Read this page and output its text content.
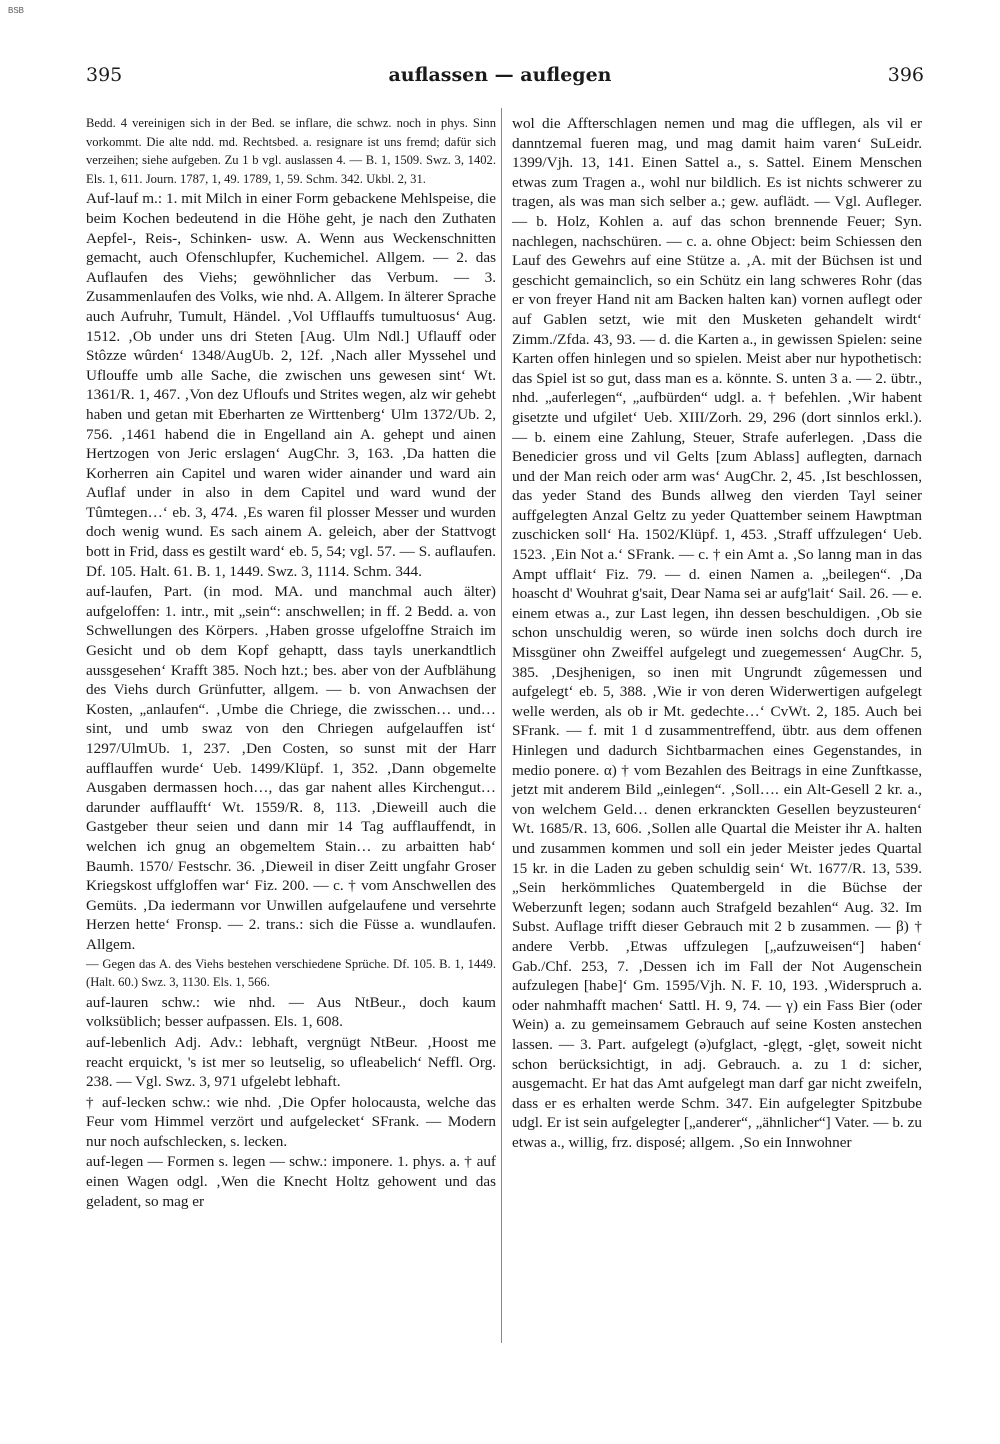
BSB
395	auflassen — auflegen	396

Bedd. 4 vereinigen sich in der Bed. se inflare, die schwz. noch in phys. Sinn vorkommt. Die alte ndd. md. Rechtsbed. a. resignare ist uns fremd; dafür sich verzeihen; siehe aufgeben. Zu 1 b vgl. auslassen 4. — B. 1, 1509. Swz. 3, 1402. Els. 1, 611. Journ. 1787, 1, 49. 1789, 1, 59. Schm. 342. Ukbl. 2, 31.

Auf-lauf m.: 1. mit Milch in einer Form gebackene Mehlspeise, die beim Kochen bedeutend in die Höhe geht, je nach den Zuthaten Aepfel-, Reis-, Schinken- usw. A. Wenn aus Weckenschnitten gemacht, auch Ofenschlupfer, Kuchemichel. Allgem. — 2. das Auflaufen des Viehs; gewöhnlicher das Verbum. — 3. Zusammenlaufen des Volks, wie nhd. A. Allgem. In älterer Sprache auch Aufruhr, Tumult, Händel. ‚Vol Ufflauffs tumultuosus‘ Aug. 1512. ‚Ob under uns dri Steten [Aug. Ulm Ndl.] Uflauff oder Stôzze wûrden‘ 1348/AugUb. 2, 12f. ‚Nach aller Myssehel und Uflouffe umb alle Sache, die zwischen uns gewesen sint‘ Wt. 1361/R. 1, 467. ‚Von dez Ufloufs und Strites wegen, alz wir gehebt haben und getan mit Eberharten ze Wirttenberg‘ Ulm 1372/Ub. 2, 756. ‚1461 habend die in Engelland ain A. gehept und ainen Hertzogen von Jeric erslagen‘ AugChr. 3, 163. ‚Da hatten die Korherren ain Capitel und waren wider ainander und ward ain Auflaf under in also in dem Capitel und ward wund der Tûmtegen…‘ eb. 3, 474. ‚Es waren fil plosser Messer und wurden doch wenig wund. Es sach ainem A. geleich, aber der Stattvogt bott in Frid, dass es gestilt ward‘ eb. 5, 54; vgl. 57. — S. auflaufen. Df. 105. Halt. 61. B. 1, 1449. Swz. 3, 1114. Schm. 344.

auf-laufen, Part. (in mod. MA. und manchmal auch älter) aufgeloffen: 1. intr., mit „sein“: anschwellen; in ff. 2 Bedd. a. von Schwellungen des Körpers. ‚Haben grosse ufgeloffne Straich im Gesicht und ob dem Kopf gehaptt, dass tayls unerkandtlich aussgesehen‘ Krafft 385. Noch hzt.; bes. aber von der Aufblähung des Viehs durch Grünfutter, allgem. — b. von Anwachsen der Kosten, „anlaufen“. ‚Umbe die Chriege, die zwisschen… und… sint, und umb swaz von den Chriegen aufgelauffen ist‘ 1297/UlmUb. 1, 237. ‚Den Costen, so sunst mit der Harr aufflauffen wurde‘ Ueb. 1499/Klüpf. 1, 352. ‚Dann obgemelte Ausgaben dermassen hoch…, das gar nahent alles Kirchengut… darunder aufflaufft‘ Wt. 1559/R. 8, 113. ‚Dieweill auch die Gastgeber theur seien und dann mir 14 Tag aufflauffendt, in welchen ich gnug an obgemeltem Stain… zu arbaitten hab‘ Baumh. 1570/ Festschr. 36. ‚Dieweil in diser Zeitt ungfahr Groser Kriegskost uffgloffen war‘ Fiz. 200. — c. † vom Anschwellen des Gemüts. ‚Da iedermann vor Unwillen aufgelaufene und versehrte Herzen hette‘ Fronsp. — 2. trans.: sich die Füsse a. wundlaufen. Allgem.

— Gegen das A. des Viehs bestehen verschiedene Sprüche. Df. 105. B. 1, 1449. (Halt. 60.) Swz. 3, 1130. Els. 1, 566.

auf-lauren schw.: wie nhd. — Aus NtBeur., doch kaum volksüblich; besser aufpassen. Els. 1, 608.

auf-lebenlich Adj. Adv.: lebhaft, vergnügt NtBeur. ‚Hoost me reacht erquickt, 's ist mer so leutselig, so ufleabelich‘ Neffl. Org. 238. — Vgl. Swz. 3, 971 ufgelebt lebhaft.

† auf-lecken schw.: wie nhd. ‚Die Opfer holocausta, welche das Feur vom Himmel verzört und aufgelecket‘ SFrank. — Modern nur noch aufschlecken, s. lecken.

auf-legen — Formen s. legen — schw.: imponere. 1. phys. a. † auf einen Wagen odgl. ‚Wen die Knecht Holtz gehowent und das geladent, so mag er

wol die Affterschlagen nemen und mag die ufflegen, als vil er danntzemal fueren mag, und mag damit haim varen‘ SuLeidr. 1399/Vjh. 13, 141. Einen Sattel a., s. Sattel. Einem Menschen etwas zum Tragen a., wohl nur bildlich. Es ist nichts schwerer zu tragen, als was man sich selber a.; gew. auflädt. — Vgl. Aufleger. — b. Holz, Kohlen a. auf das schon brennende Feuer; Syn. nachlegen, nachschüren. — c. a. ohne Object: beim Schiessen den Lauf des Gewehrs auf eine Stütze a. ‚A. mit der Büchsen ist und geschicht gemainclich, so ein Schütz ein lang schweres Rohr (das er von freyer Hand nit am Backen halten kan) vornen auflegt oder auf Gablen setzt, wie mit den Musketen gehandelt wirdt‘ Zimm./Zfda. 43, 93. — d. die Karten a., in gewissen Spielen: seine Karten offen hinlegen und so spielen. Meist aber nur hypothetisch: das Spiel ist so gut, dass man es a. könnte. S. unten 3 a. — 2. übtr., nhd. „auferlegen“, „aufbürden“ udgl. a. † befehlen. ‚Wir habent gisetzte und ufgilet‘ Ueb. XIII/Zorh. 29, 296 (dort sinnlos erkl.). — b. einem eine Zahlung, Steuer, Strafe auferlegen. ‚Dass die Benedicier gross und vil Gelts [zum Ablass] auflegten, darnach und der Man reich oder arm was‘ AugChr. 2, 45. ‚Ist beschlossen, das yeder Stand des Bunds allweg den vierden Tayl seiner auffgelegten Anzal Geltz zu yeder Quattember seinem Hawptman zuschicken soll‘ Ha. 1502/Klüpf. 1, 453. ‚Straff uffzulegen‘ Ueb. 1523. ‚Ein Not a.‘ SFrank. — c. † ein Amt a. ‚So lanng man in das Ampt ufflait‘ Fiz. 79. — d. einen Namen a. „beilegen“. ‚Da hoascht d' Wouhrat g'sait, Dear Nama sei ar aufg'lait‘ Sail. 26. — e. einem etwas a., zur Last legen, ihn dessen beschuldigen. ‚Ob sie schon unschuldig weren, so würde inen solchs doch durch ire Missgüner ohn Zweiffel aufgelegt und zuegemessen‘ AugChr. 5, 385. ‚Desjhenigen, so inen mit Ungrundt zûgemessen und aufgelegt‘ eb. 5, 388. ‚Wie ir von deren Widerwertigen aufgelegt welle werden, als ob ir Mt. gedechte…‘ CvWt. 2, 185. Auch bei SFrank. — f. mit 1 d zusammentreffend, übtr. aus dem offenen Hinlegen und dadurch Sichtbarmachen eines Gegenstandes, in medio ponere. α) † vom Bezahlen des Beitrags in eine Zunftkasse, jetzt mit anderem Bild „einlegen“. ‚Soll…. ein Alt-Gesell 2 kr. a., von welchem Geld… denen erkranckten Gesellen beyzusteuren‘ Wt. 1685/R. 13, 606. ‚Sollen alle Quartal die Meister ihr A. halten und zusammen kommen und soll ein jeder Meister jedes Quartal 15 kr. in die Laden zu geben schuldig sein‘ Wt. 1677/R. 13, 539. „Sein herkömmliches Quatembergeld in die Büchse der Weberzunft legen; sodann auch Strafgeld bezahlen“ Aug. 32. Im Subst. Auflage trifft dieser Gebrauch mit 2 b zusammen. — β) † andere Verbb. ‚Etwas uffzulegen [„aufzuweisen“] haben‘ Gab./Chf. 253, 7. ‚Dessen ich im Fall der Not Augenschein aufzulegen [habe]‘ Gm. 1595/Vjh. N. F. 10, 193. ‚Widerspruch a. oder nahmhafft machen‘ Sattl. H. 9, 74. — γ) ein Fass Bier (oder Wein) a. zu gemeinsamem Gebrauch auf seine Kosten anstechen lassen. — 3. Part. aufgelegt (ə)ufglact, -glęgt, -glęt, soweit nicht schon berücksichtigt, in adj. Gebrauch. a. zu 1 d: sicher, ausgemacht. Er hat das Amt aufgelegt man darf gar nicht zweifeln, dass er es erhalten werde Schm. 347. Ein aufgelegter Spitzbube udgl. Er ist sein aufgelegter [„anderer“, „ähnlicher“] Vater. — b. zu etwas a., willig, frz. disposé; allgem. ‚So ein Innwohner
